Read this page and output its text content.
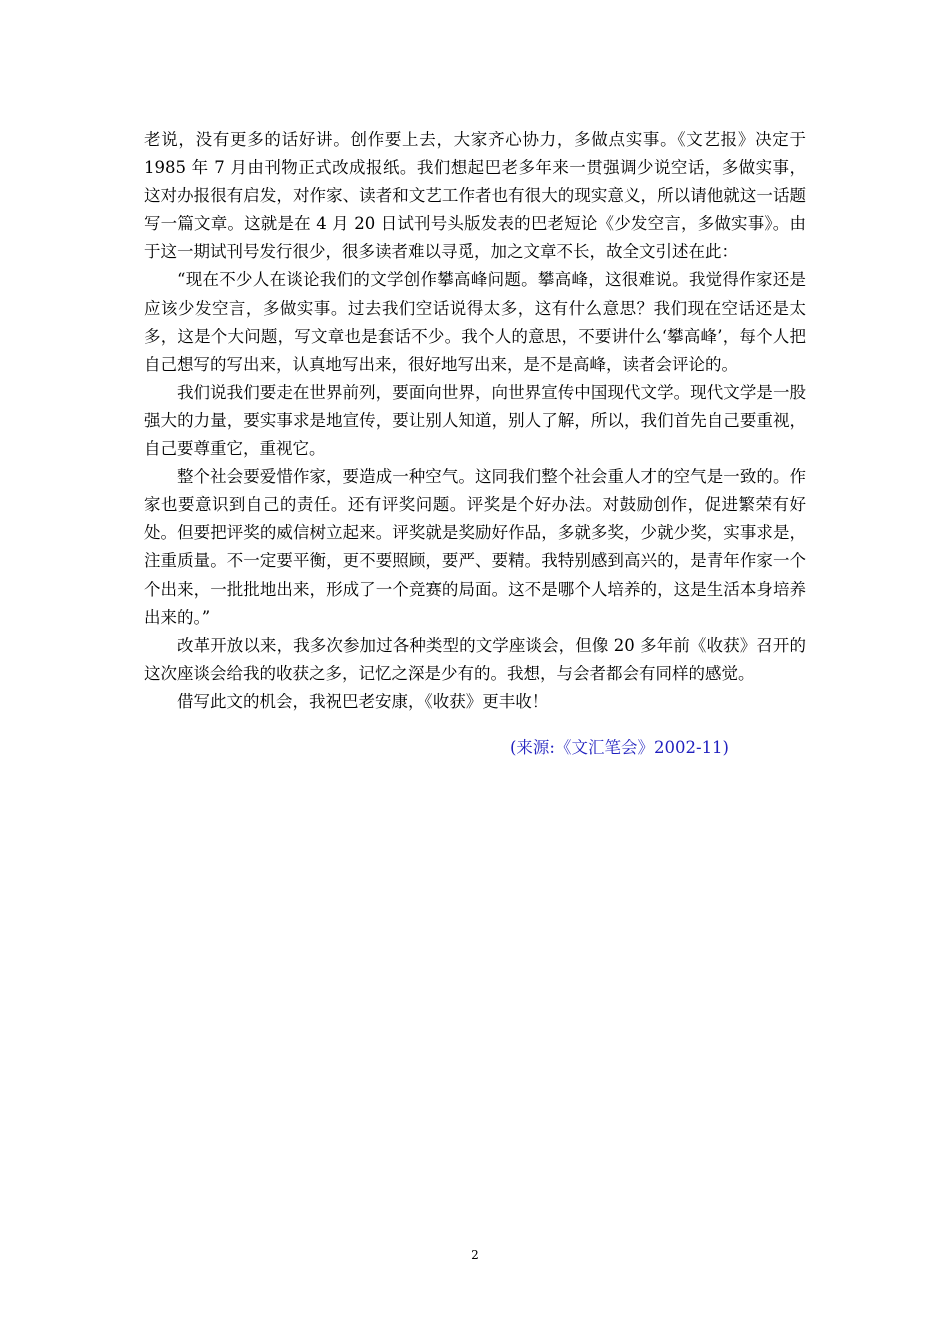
老说，没有更多的话好讲。创作要上去，大家齐心协力，多做点实事。《文艺报》决定于 1985 年 7 月由刊物正式改成报纸。我们想起巴老多年来一贯强调少说空话，多做实事，这对办报很有启发，对作家、读者和文艺工作者也有很大的现实意义，所以请他就这一话题写一篇文章。这就是在 4 月 20 日试刊号头版发表的巴老短论《少发空言，多做实事》。由于这一期试刊号发行很少，很多读者难以寻觅，加之文章不长，故全文引述在此：

“现在不少人在谈论我们的文学创作攀高峰问题。攀高峰，这很难说。我觉得作家还是应该少发空言，多做实事。过去我们空话说得太多，这有什么意思？我们现在空话还是太多，这是个大问题，写文章也是套话不少。我个人的意思，不要讲什么‘攀高峰’，每个人把自己想写的写出来，认真地写出来，很好地写出来，是不是高峰，读者会评论的。

我们说我们要走在世界前列，要面向世界，向世界宣传中国现代文学。现代文学是一股强大的力量，要实事求是地宣传，要让别人知道，别人了解，所以，我们首先自己要重视，自己要尊重它，重视它。

整个社会要爱惜作家，要造成一种空气。这同我们整个社会重人才的空气是一致的。作家也要意识到自己的责任。还有评奖问题。评奖是个好办法。对鼓励创作，促进繁荣有好处。但要把评奖的威信树立起来。评奖就是奖励好作品，多就多奖，少就少奖，实事求是，注重质量。不一定要平衡，更不要照顾，要严、要精。我特别感到高兴的，是青年作家一个个出来，一批批地出来，形成了一个竞赛的局面。这不是哪个人培养的，这是生活本身培养出来的。”

改革开放以来，我多次参加过各种类型的文学座谈会，但像 20 多年前《收获》召开的这次座谈会给我的收获之多，记忆之深是少有的。我想，与会者都会有同样的感觉。

借写此文的机会，我祝巴老安康，《收获》更丰收！

(来源:《文汇笔会》2002-11)

2
